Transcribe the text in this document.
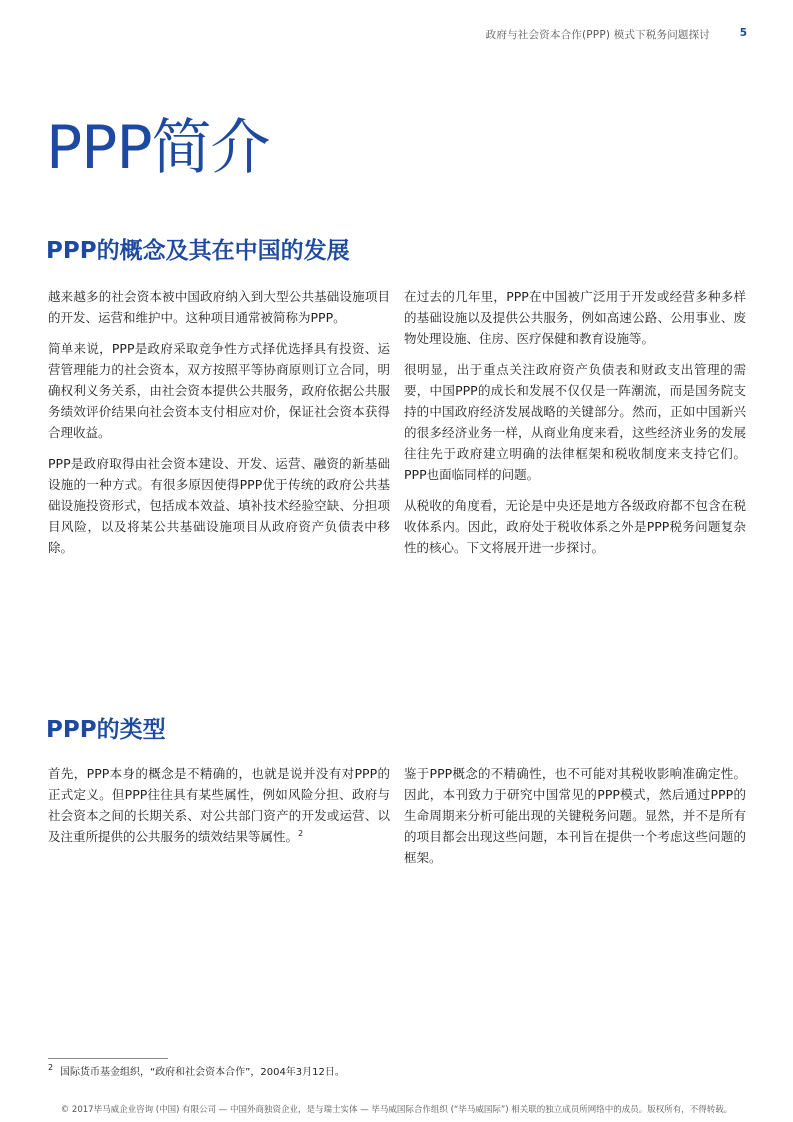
政府与社会资本合作(PPP) 模式下税务问题探讨	5
PPP简介
PPP的概念及其在中国的发展

越来越多的社会资本被中国政府纳入到大型公共基础设施项目的开发、运营和维护中。这种项目通常被简称为PPP。

简单来说，PPP是政府采取竞争性方式择优选择具有投资、运营管理能力的社会资本，双方按照平等协商原则订立合同，明确权利义务关系，由社会资本提供公共服务，政府依据公共服务绩效评价结果向社会资本支付相应对价，保证社会资本获得合理收益。

PPP是政府取得由社会资本建设、开发、运营、融资的新基础设施的一种方式。有很多原因使得PPP优于传统的政府公共基础设施投资形式，包括成本效益、填补技术经验空缺、分担项目风险，以及将某公共基础设施项目从政府资产负债表中移除。

在过去的几年里，PPP在中国被广泛用于开发或经营多种多样的基础设施以及提供公共服务，例如高速公路、公用事业、废物处理设施、住房、医疗保健和教育设施等。

很明显，出于重点关注政府资产负债表和财政支出管理的需要，中国PPP的成长和发展不仅仅是一阵潮流，而是国务院支持的中国政府经济发展战略的关键部分。然而，正如中国新兴的很多经济业务一样，从商业角度来看，这些经济业务的发展往往先于政府建立明确的法律框架和税收制度来支持它们。PPP也面临同样的问题。

从税收的角度看，无论是中央还是地方各级政府都不包含在税收体系内。因此，政府处于税收体系之外是PPP税务问题复杂性的核心。下文将展开进一步探讨。

PPP的类型

首先，PPP本身的概念是不精确的，也就是说并没有对PPP的正式定义。但PPP往往具有某些属性，例如风险分担、政府与社会资本之间的长期关系、对公共部门资产的开发或运营、以及注重所提供的公共服务的绩效结果等属性。$^2$

鉴于PPP概念的不精确性，也不可能对其税收影响准确定性。因此，本刊致力于研究中国常见的PPP模式，然后通过PPP的生命周期来分析可能出现的关键税务问题。显然，并不是所有的项目都会出现这些问题，本刊旨在提供一个考虑这些问题的框架。

2 国际货币基金组织，“政府和社会资本合作”，2004年3月12日。
© 2017毕马威企业咨询 (中国) 有限公司 — 中国外商独资企业，是与瑞士实体 — 毕马威国际合作组织 (“毕马威国际”) 相关联的独立成员所网络中的成员。版权所有，不得转载。
